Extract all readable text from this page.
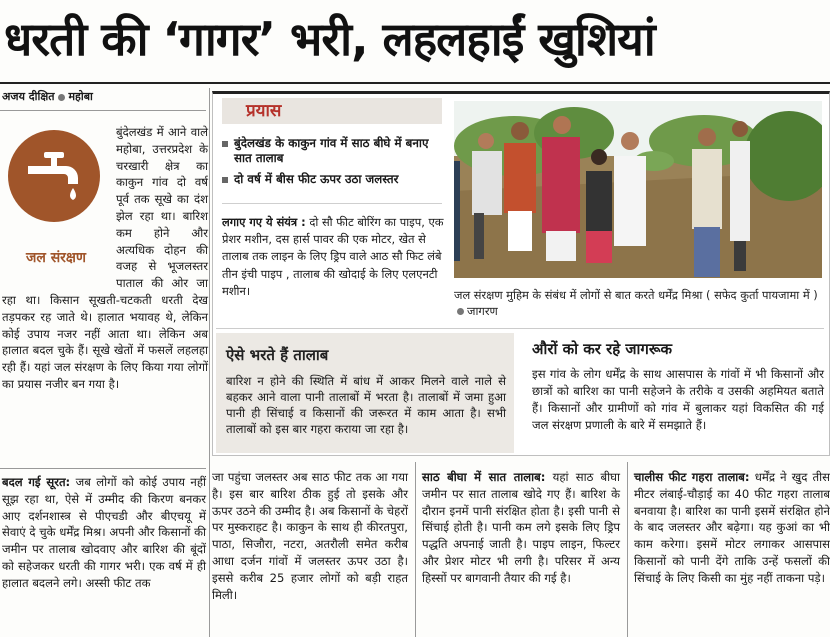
धरती की ‘गागर’ भरी, लहलहाईं खुशियां
अजय दीक्षित महोबा
जल संरक्षण
बुंदेलखंड में आने वाले महोबा, उत्तरप्रदेश के चरखारी क्षेत्र का काकुन गांव दो वर्ष पूर्व तक सूखे का दंश झेल रहा था। बारिश कम होने और अत्यधिक दोहन की वजह से भूजलस्तर पाताल की ओर जा रहा था। किसान सूखती-चटकती धरती देख तड़पकर रह जाते थे। हालात भयावह थे, लेकिन कोई उपाय नजर नहीं आता था। लेकिन अब हालात बदल चुके हैं। सूखे खेतों में फसलें लहलहा रही हैं। यहां जल संरक्षण के लिए किया गया लोगों का प्रयास नजीर बन गया है।
प्रयास
बुंदेलखंड के काकुन गांव में साठ बीघे में बनाए सात तालाब
दो वर्ष में बीस फीट ऊपर उठा जलस्तर
लगाए गए ये संयंत्र : दो सौ फीट बोरिंग का पाइप, एक प्रेशर मशीन, दस हार्स पावर की एक मोटर, खेत से तालाब तक लाइन के लिए ड्रिप वाले आठ सौ फिट लंबे तीन इंची पाइप , तालाब की खोदाई के लिए एलएनटी मशीन।	जल संरक्षण मुहिम के संबंध में लोगों से बात करते धर्मेंद्र मिश्रा ( सफेद कुर्ता पायजामा में )जागरण
ऐसे भरते हैं तालाब
बारिश न होने की स्थिति में बांध में आकर मिलने वाले नाले से बहकर आने वाला पानी तालाबों में भरता है। तालाबों में जमा हुआ पानी ही सिंचाई व किसानों की जरूरत में काम आता है। सभी तालाबों को इस बार गहरा कराया जा रहा है।
औरों को कर रहे जागरूक
इस गांव के लोग धर्मेंद्र के साथ आसपास के गांवों में भी किसानों और छात्रों को बारिश का पानी सहेजने के तरीके व उसकी अहमियत बताते हैं। किसानों और ग्रामीणों को गांव में बुलाकर यहां विकसित की गई जल संरक्षण प्रणाली के बारे में समझाते हैं।
बदल गई सूरत: जब लोगों को कोई उपाय नहीं सूझ रहा था, ऐसे में उम्मीद की किरण बनकर आए दर्शनशास्त्र से पीएचडी और बीएचयू में सेवाएं दे चुके धर्मेंद्र मिश्र। अपनी और किसानों की जमीन पर तालाब खोदवाए और बारिश की बूंदों को सहेजकर धरती की गागर भरी। एक वर्ष में ही हालात बदलने लगे। अस्सी फीट तक
जा पहुंचा जलस्तर अब साठ फीट तक आ गया है। इस बार बारिश ठीक हुई तो इसके और ऊपर उठने की उम्मीद है। अब किसानों के चेहरों पर मुस्कराहट है। काकुन के साथ ही कीरतपुरा, पाठा, सिजौरा, नटरा, अतरौली समेत करीब आधा दर्जन गांवों में जलस्तर ऊपर उठा है। इससे करीब 25 हजार लोगों को बड़ी राहत मिली।
साठ बीघा में सात तालाब: यहां साठ बीघा जमीन पर सात तालाब खोदे गए हैं। बारिश के दौरान इनमें पानी संरक्षित होता है। इसी पानी से सिंचाई होती है। पानी कम लगे इसके लिए ड्रिप पद्धति अपनाई जाती है। पाइप लाइन, फिल्टर और प्रेशर मोटर भी लगी है। परिसर में अन्य हिस्सों पर बागवानी तैयार की गई है।
चालीस फीट गहरा तालाब: धर्मेंद्र ने खुद तीस मीटर लंबाई-चौड़ाई का 40 फीट गहरा तालाब बनवाया है। बारिश का पानी इसमें संरक्षित होने के बाद जलस्तर और बढ़ेगा। यह कुआं का भी काम करेगा। इसमें मोटर लगाकर आसपास किसानों को पानी देंगे ताकि उन्हें फसलों की सिंचाई के लिए किसी का मुंह नहीं ताकना पड़े।
